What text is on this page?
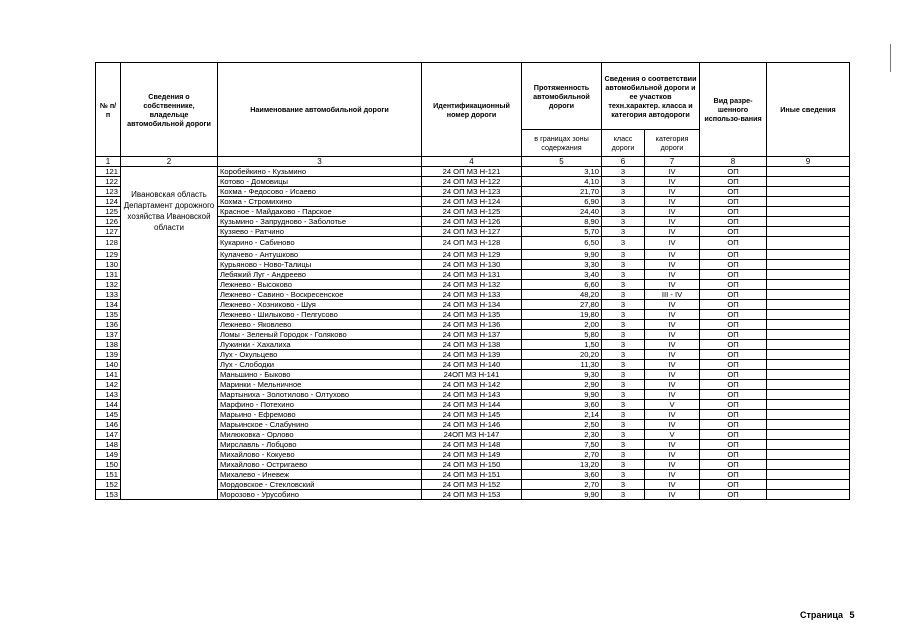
№ п/п	Сведения о собственнике, владельце автомобильной дороги	Наименование автомобильной дороги	Идентификационный номер дороги	Протяженность автомобильной дороги	Сведения о соответствии автомобильной дороги и ее участков техн.характер. класса и категория автодороги		Вид разре-шенного использо-вания	Иные сведения
				в границах зоны содержания	класс дороги	категория дороги		
1	2	3	4	5	6	7	8	9
121	Ивановская область Департамент дорожного хозяйства Ивановской области	Коробейкино - Кузьмино	24 ОП МЗ Н-121	3,10	3	IV	ОП	
122		Котово - Домовицы	24 ОП МЗ Н-122	4,10	3	IV	ОП	
123		Кохма - Федосово - Исаево	24 ОП МЗ Н-123	21,70	3	IV	ОП	
124		Кохма - Стромихино	24 ОП МЗ Н-124	6,90	3	IV	ОП	
125		Красное - Майдаково - Парское	24 ОП МЗ Н-125	24,40	3	IV	ОП	
126		Кузьмино - Запрудново - Заболотье	24 ОП МЗ Н-126	8,90	3	IV	ОП	
127		Кузяево - Ратчино	24 ОП МЗ Н-127	5,70	3	IV	ОП	
128		Кукарино - Сабиново	24 ОП МЗ Н-128	6,50	3	IV	ОП	
129		Кулачево - Антушково	24 ОП МЗ Н-129	9,90	3	IV	ОП	
130		Курьяново - Ново-Талицы	24 ОП МЗ Н-130	3,30	3	IV	ОП	
131		Лебяжий Луг - Андреево	24 ОП МЗ Н-131	3,40	3	IV	ОП	
132		Лежнево - Высоково	24 ОП МЗ Н-132	6,60	3	IV	ОП	
133		Лежнево - Савино - Воскресенское	24 ОП МЗ Н-133	48,20	3	III - IV	ОП	
134		Лежнево - Хозниково - Шуя	24 ОП МЗ Н-134	27,80	3	IV	ОП	
135		Лежнево - Шилыково - Пелгусово	24 ОП МЗ Н-135	19,80	3	IV	ОП	
136		Лежнево - Яковлево	24 ОП МЗ Н-136	2,00	3	IV	ОП	
137		Ломы - Зеленый Городок - Голяково	24 ОП МЗ Н-137	5,80	3	IV	ОП	
138		Лужинки - Хахалиха	24 ОП МЗ Н-138	1,50	3	IV	ОП	
139		Лух - Окульцево	24 ОП МЗ Н-139	20,20	3	IV	ОП	
140		Лух - Слободки	24 ОП МЗ Н-140	11,30	3	IV	ОП	
141		Маньшино - Быково	24ОП МЗ Н-141	9,30	3	IV	ОП	
142		Маринки - Мельничное	24 ОП МЗ Н-142	2,90	3	IV	ОП	
143		Мартыниха - Золотилово - Олтухово	24 ОП МЗ Н-143	9,90	3	IV	ОП	
144		Марфино - Потехино	24 ОП МЗ Н-144	3,60	3	V	ОП	
145		Марьино - Ефремово	24 ОП МЗ Н-145	2,14	3	IV	ОП	
146		Марьинское - Слабунино	24 ОП МЗ Н-146	2,50	3	IV	ОП	
147		Милюковка - Орлово	24ОП МЗ Н-147	2,30	3	V	ОП	
148		Мирславль - Лобцово	24 ОП МЗ Н-148	7,50	3	IV	ОП	
149		Михайлово - Кокуево	24 ОП МЗ Н-149	2,70	3	IV	ОП	
150		Михайлово - Остригаево	24 ОП МЗ Н-150	13,20	3	IV	ОП	
151		Михалево - Иневеж	24 ОП МЗ Н-151	3,60	3	IV	ОП	
152		Мордовское - Стекловский	24 ОП МЗ Н-152	2,70	3	IV	ОП	
153		Морозово - Урусобино	24 ОП МЗ Н-153	9,90	3	IV	ОП	
Страница 5
